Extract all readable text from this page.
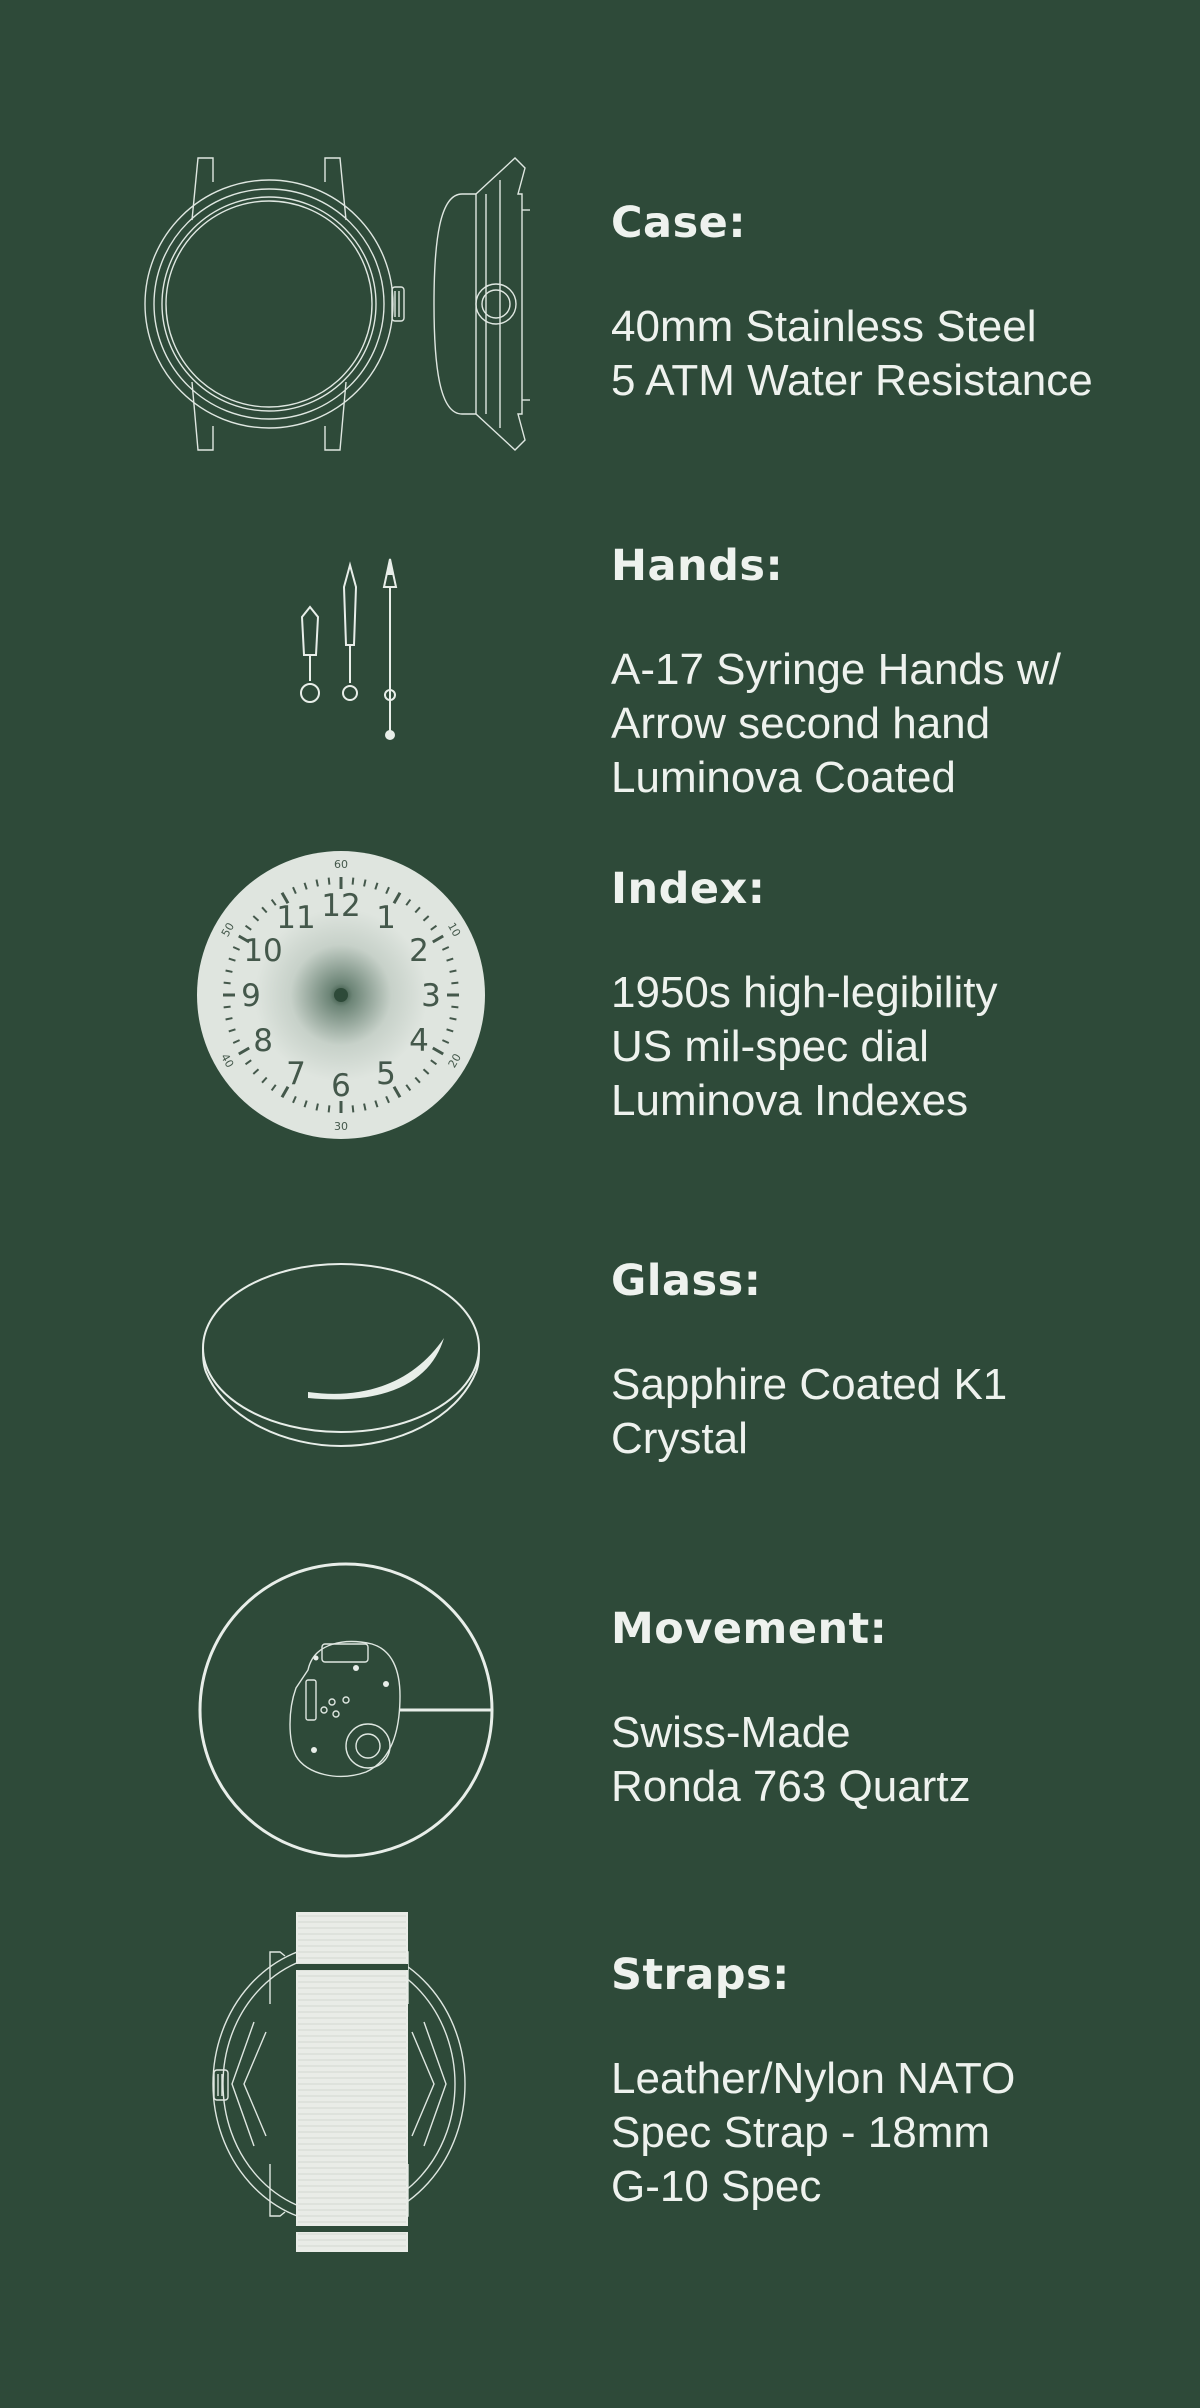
Case:
40mm Stainless Steel
5 ATM Water Resistance
Hands:
A-17 Syringe Hands w/
Arrow second hand
Luminova Coated
12 1
2
3
4
5
6
7
8
9
10
11
60
10
20
30
40
50
Index:
1950s high-legibility
US mil-spec dial
Luminova Indexes
Glass:
Sapphire Coated K1
Crystal
Movement:
Swiss-Made
Ronda 763 Quartz
Straps:
Leather/Nylon NATO
Spec Strap - 18mm
G-10 Spec
